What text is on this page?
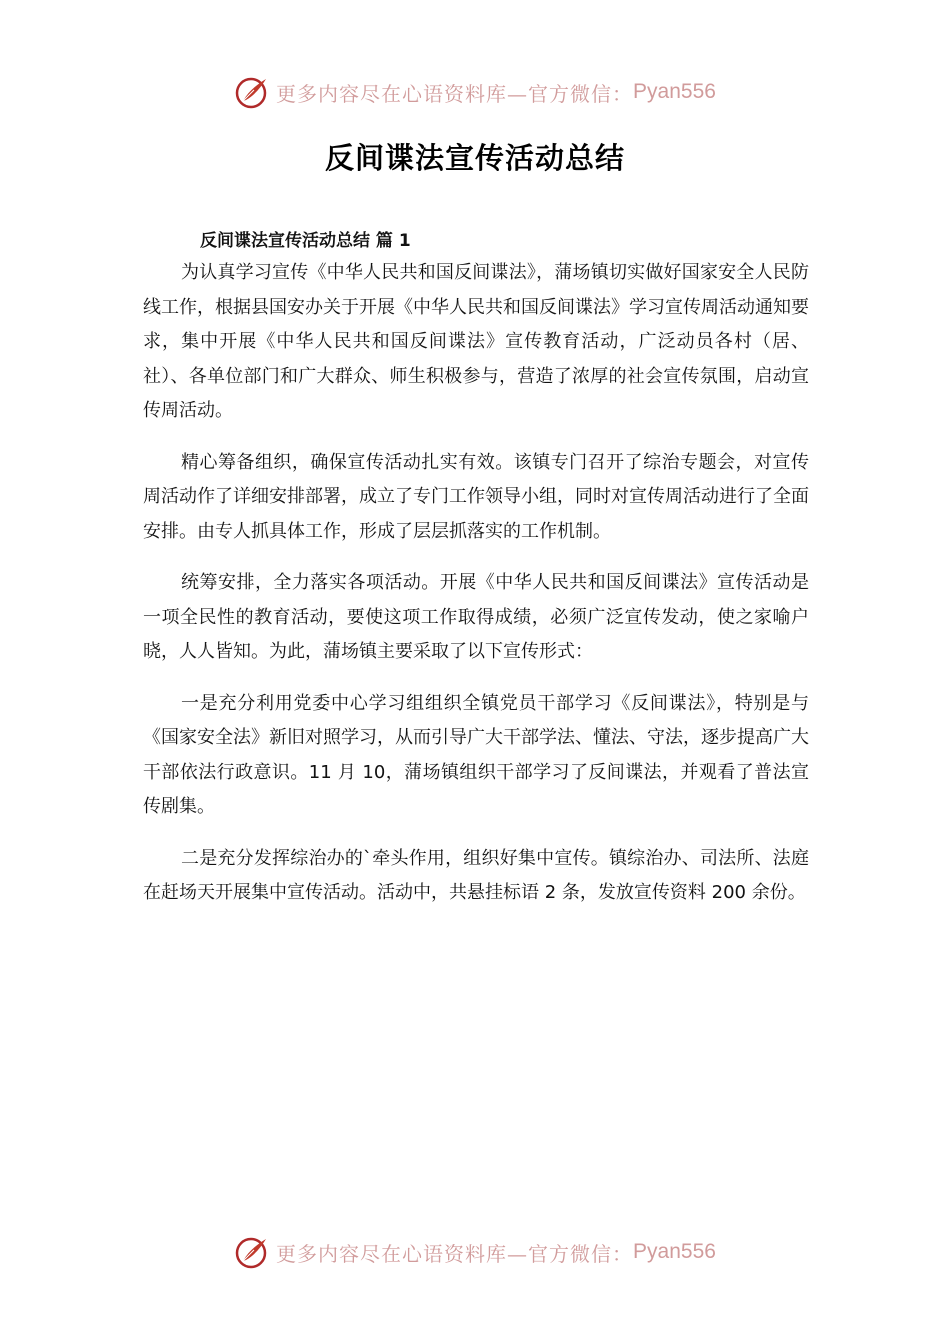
更多内容尽在心语资料库—官方微信： Pyan556
反间谍法宣传活动总结
反间谍法宣传活动总结 篇 1

为认真学习宣传《中华人民共和国反间谍法》，蒲场镇切实做好国家安全人民防线工作，根据县国安办关于开展《中华人民共和国反间谍法》学习宣传周活动通知要求，集中开展《中华人民共和国反间谍法》宣传教育活动，广泛动员各村（居、社）、各单位部门和广大群众、师生积极参与，营造了浓厚的社会宣传氛围，启动宣传周活动。

精心筹备组织，确保宣传活动扎实有效。该镇专门召开了综治专题会，对宣传周活动作了详细安排部署，成立了专门工作领导小组，同时对宣传周活动进行了全面安排。由专人抓具体工作，形成了层层抓落实的工作机制。

统筹安排，全力落实各项活动。开展《中华人民共和国反间谍法》宣传活动是一项全民性的教育活动，要使这项工作取得成绩，必须广泛宣传发动，使之家喻户晓，人人皆知。为此，蒲场镇主要采取了以下宣传形式：

一是充分利用党委中心学习组组织全镇党员干部学习《反间谍法》，特别是与《国家安全法》新旧对照学习，从而引导广大干部学法、懂法、守法，逐步提高广大干部依法行政意识。11 月 10，蒲场镇组织干部学习了反间谍法，并观看了普法宣传剧集。

二是充分发挥综治办的`牵头作用，组织好集中宣传。镇综治办、司法所、法庭在赶场天开展集中宣传活动。活动中，共悬挂标语 2 条，发放宣传资料 200 余份。

更多内容尽在心语资料库—官方微信： Pyan556
